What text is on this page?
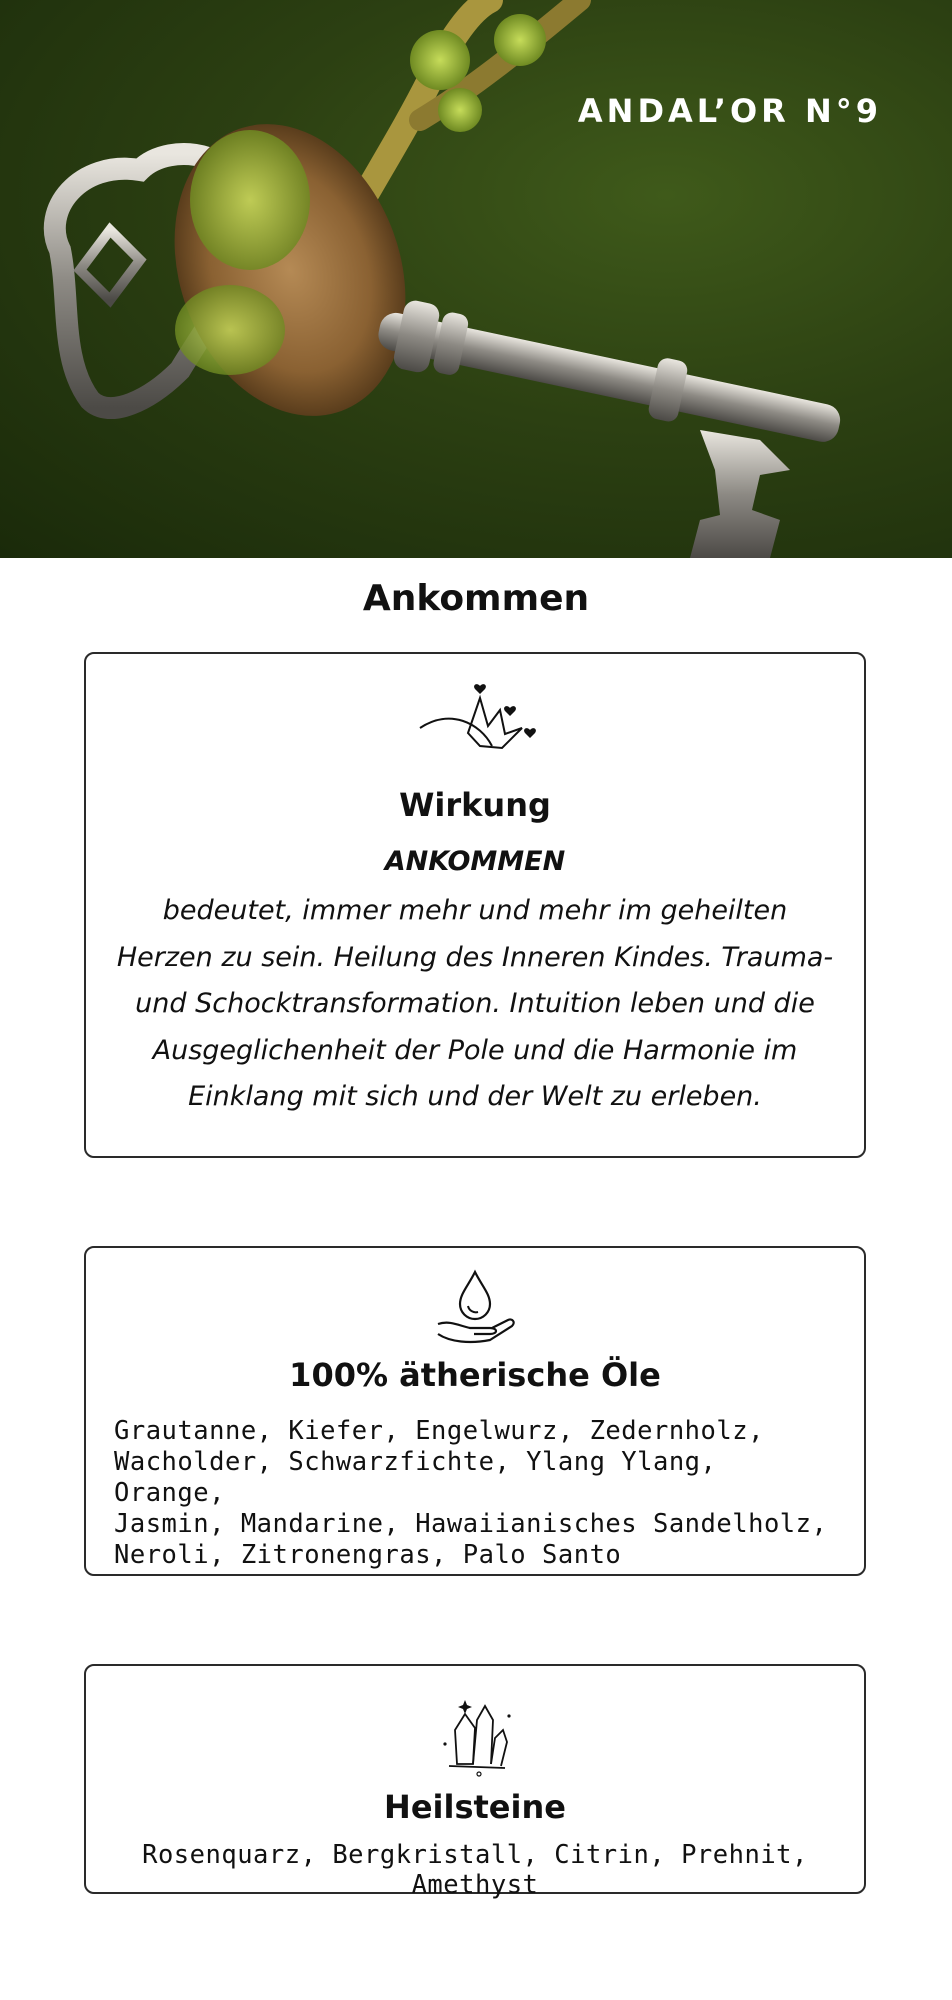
ANDAL’OR N°9
Ankommen
Wirkung
ANKOMMEN
bedeutet, immer mehr und mehr im geheilten Herzen zu sein. Heilung des Inneren Kindes. Trauma- und Schocktransformation. Intuition leben und die Ausgeglichenheit der Pole und die Harmonie im Einklang mit sich und der Welt zu erleben.
100% ätherische Öle
Grautanne, Kiefer, Engelwurz, Zedernholz,
Wacholder, Schwarzfichte, Ylang Ylang, Orange,
Jasmin, Mandarine, Hawaiianisches Sandelholz,
Neroli, Zitronengras, Palo Santo
Heilsteine
Rosenquarz, Bergkristall, Citrin, Prehnit, Amethyst
